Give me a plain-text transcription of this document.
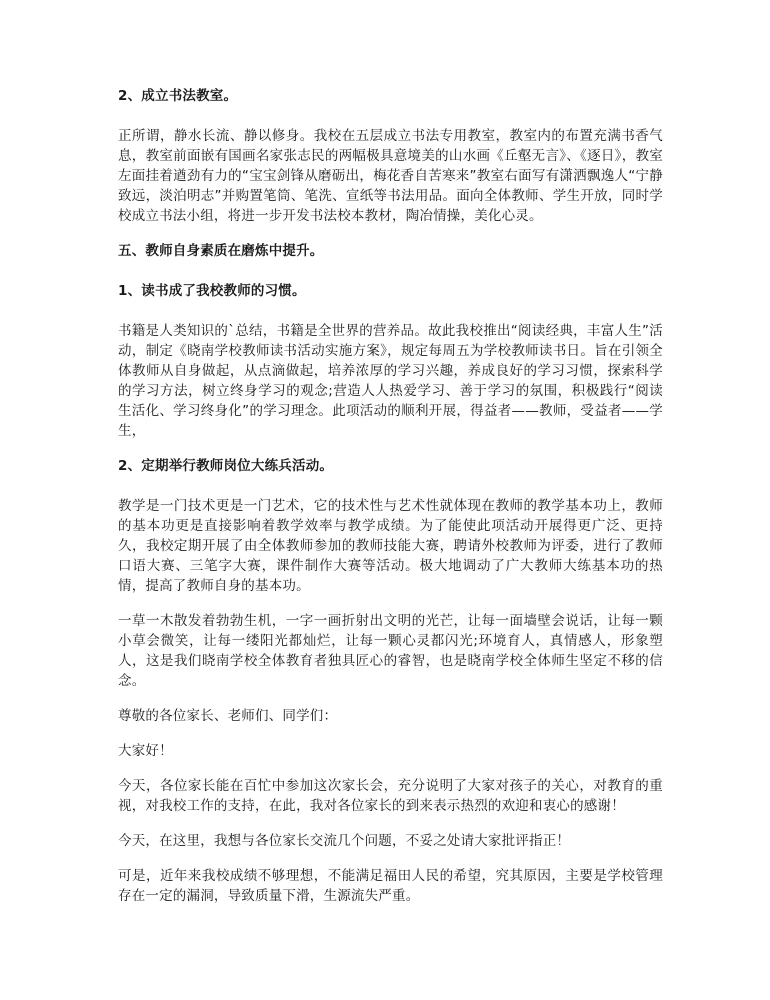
2、成立书法教室。

正所谓，静水长流、静以修身。我校在五层成立书法专用教室，教室内的布置充满书香气息，教室前面嵌有国画名家张志民的两幅极具意境美的山水画《丘壑无言》、《逐日》，教室左面挂着遒劲有力的“宝宝剑锋从磨砺出，梅花香自苦寒来”教室右面写有潇洒飘逸人“宁静致远，淡泊明志”并购置笔筒、笔洗、宣纸等书法用品。面向全体教师、学生开放，同时学校成立书法小组，将进一步开发书法校本教材，陶冶情操，美化心灵。

五、教师自身素质在磨炼中提升。

1、读书成了我校教师的习惯。

书籍是人类知识的`总结，书籍是全世界的营养品。故此我校推出“阅读经典，丰富人生”活动，制定《晓南学校教师读书活动实施方案》，规定每周五为学校教师读书日。旨在引领全体教师从自身做起，从点滴做起，培养浓厚的学习兴趣，养成良好的学习习惯，探索科学的学习方法，树立终身学习的观念;营造人人热爱学习、善于学习的氛围，积极践行“阅读生活化、学习终身化”的学习理念。此项活动的顺利开展，得益者——教师，受益者——学生，

2、定期举行教师岗位大练兵活动。

教学是一门技术更是一门艺术，它的技术性与艺术性就体现在教师的教学基本功上，教师的基本功更是直接影响着教学效率与教学成绩。为了能使此项活动开展得更广泛、更持久，我校定期开展了由全体教师参加的教师技能大赛，聘请外校教师为评委，进行了教师口语大赛、三笔字大赛，课件制作大赛等活动。极大地调动了广大教师大练基本功的热情，提高了教师自身的基本功。

一草一木散发着勃勃生机，一字一画折射出文明的光芒，让每一面墙壁会说话，让每一颗小草会微笑，让每一缕阳光都灿烂，让每一颗心灵都闪光;环境育人，真情感人，形象塑人，这是我们晓南学校全体教育者独具匠心的睿智，也是晓南学校全体师生坚定不移的信念。

尊敬的各位家长、老师们、同学们：

大家好！

今天，各位家长能在百忙中参加这次家长会，充分说明了大家对孩子的关心，对教育的重视，对我校工作的支持，在此，我对各位家长的到来表示热烈的欢迎和衷心的感谢！

今天，在这里，我想与各位家长交流几个问题，不妥之处请大家批评指正！

可是，近年来我校成绩不够理想，不能满足福田人民的希望，究其原因，主要是学校管理存在一定的漏洞，导致质量下滑，生源流失严重。
